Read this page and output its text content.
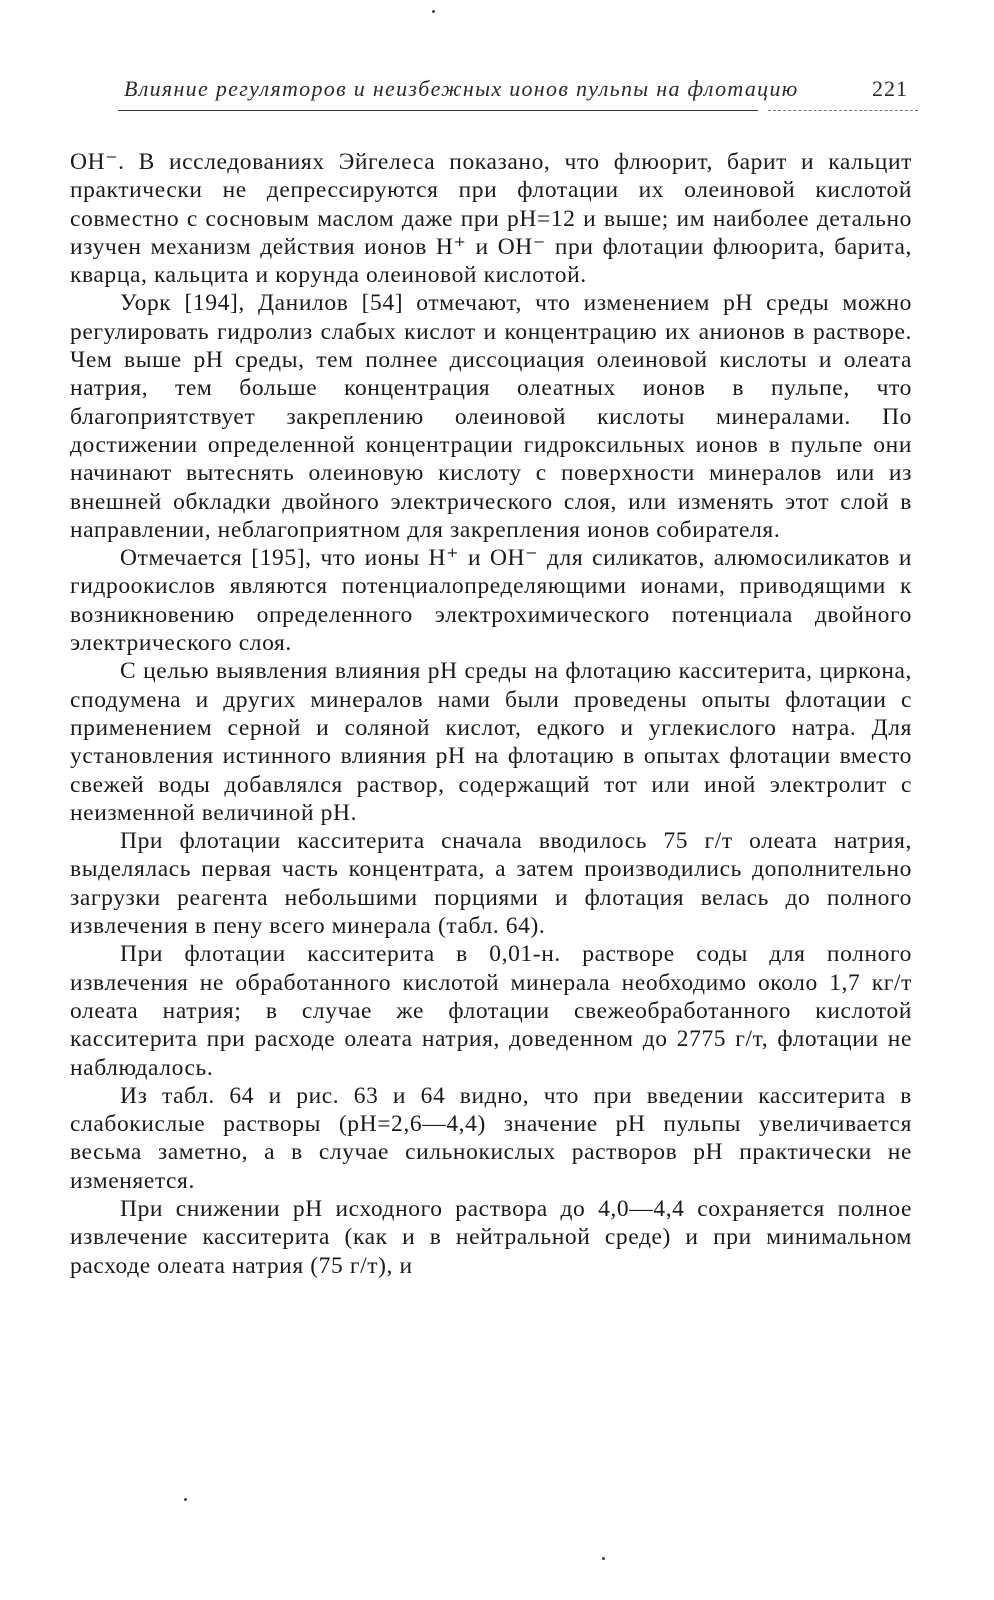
Влияние регуляторов и неизбежных ионов пульпы на флотацию	221

OH⁻. В исследованиях Эйгелеса показано, что флюорит, барит и кальцит практически не депрессируются при флотации их олеиновой кислотой совместно с сосновым маслом даже при pH=12 и выше; им наиболее детально изучен механизм действия ионов H⁺ и OH⁻ при флотации флюорита, барита, кварца, кальцита и корунда олеиновой кислотой.

Уорк [194], Данилов [54] отмечают, что изменением pH среды можно регулировать гидролиз слабых кислот и концентрацию их анионов в растворе. Чем выше pH среды, тем полнее диссоциация олеиновой кислоты и олеата натрия, тем больше концентрация олеатных ионов в пульпе, что благоприятствует закреплению олеиновой кислоты минералами. По достижении определенной концентрации гидроксильных ионов в пульпе они начинают вытеснять олеиновую кислоту с поверхности минералов или из внешней обкладки двойного электрического слоя, или изменять этот слой в направлении, неблагоприятном для закрепления ионов собирателя.

Отмечается [195], что ионы H⁺ и OH⁻ для силикатов, алюмосиликатов и гидроокислов являются потенциалопределяющими ионами, приводящими к возникновению определенного электрохимического потенциала двойного электрического слоя.

С целью выявления влияния pH среды на флотацию касситерита, циркона, сподумена и других минералов нами были проведены опыты флотации с применением серной и соляной кислот, едкого и углекислого натра. Для установления истинного влияния pH на флотацию в опытах флотации вместо свежей воды добавлялся раствор, содержащий тот или иной электролит с неизменной величиной pH.

При флотации касситерита сначала вводилось 75 г/т олеата натрия, выделялась первая часть концентрата, а затем производились дополнительно загрузки реагента небольшими порциями и флотация велась до полного извлечения в пену всего минерала (табл. 64).

При флотации касситерита в 0,01-н. растворе соды для полного извлечения не обработанного кислотой минерала необходимо около 1,7 кг/т олеата натрия; в случае же флотации свежеобработанного кислотой касситерита при расходе олеата натрия, доведенном до 2775 г/т, флотации не наблюдалось.

Из табл. 64 и рис. 63 и 64 видно, что при введении касситерита в слабокислые растворы (pH=2,6—4,4) значение pH пульпы увеличивается весьма заметно, а в случае сильнокислых растворов pH практически не изменяется.

При снижении pH исходного раствора до 4,0—4,4 сохраняется полное извлечение касситерита (как и в нейтральной среде) и при минимальном расходе олеата натрия (75 г/т), и
